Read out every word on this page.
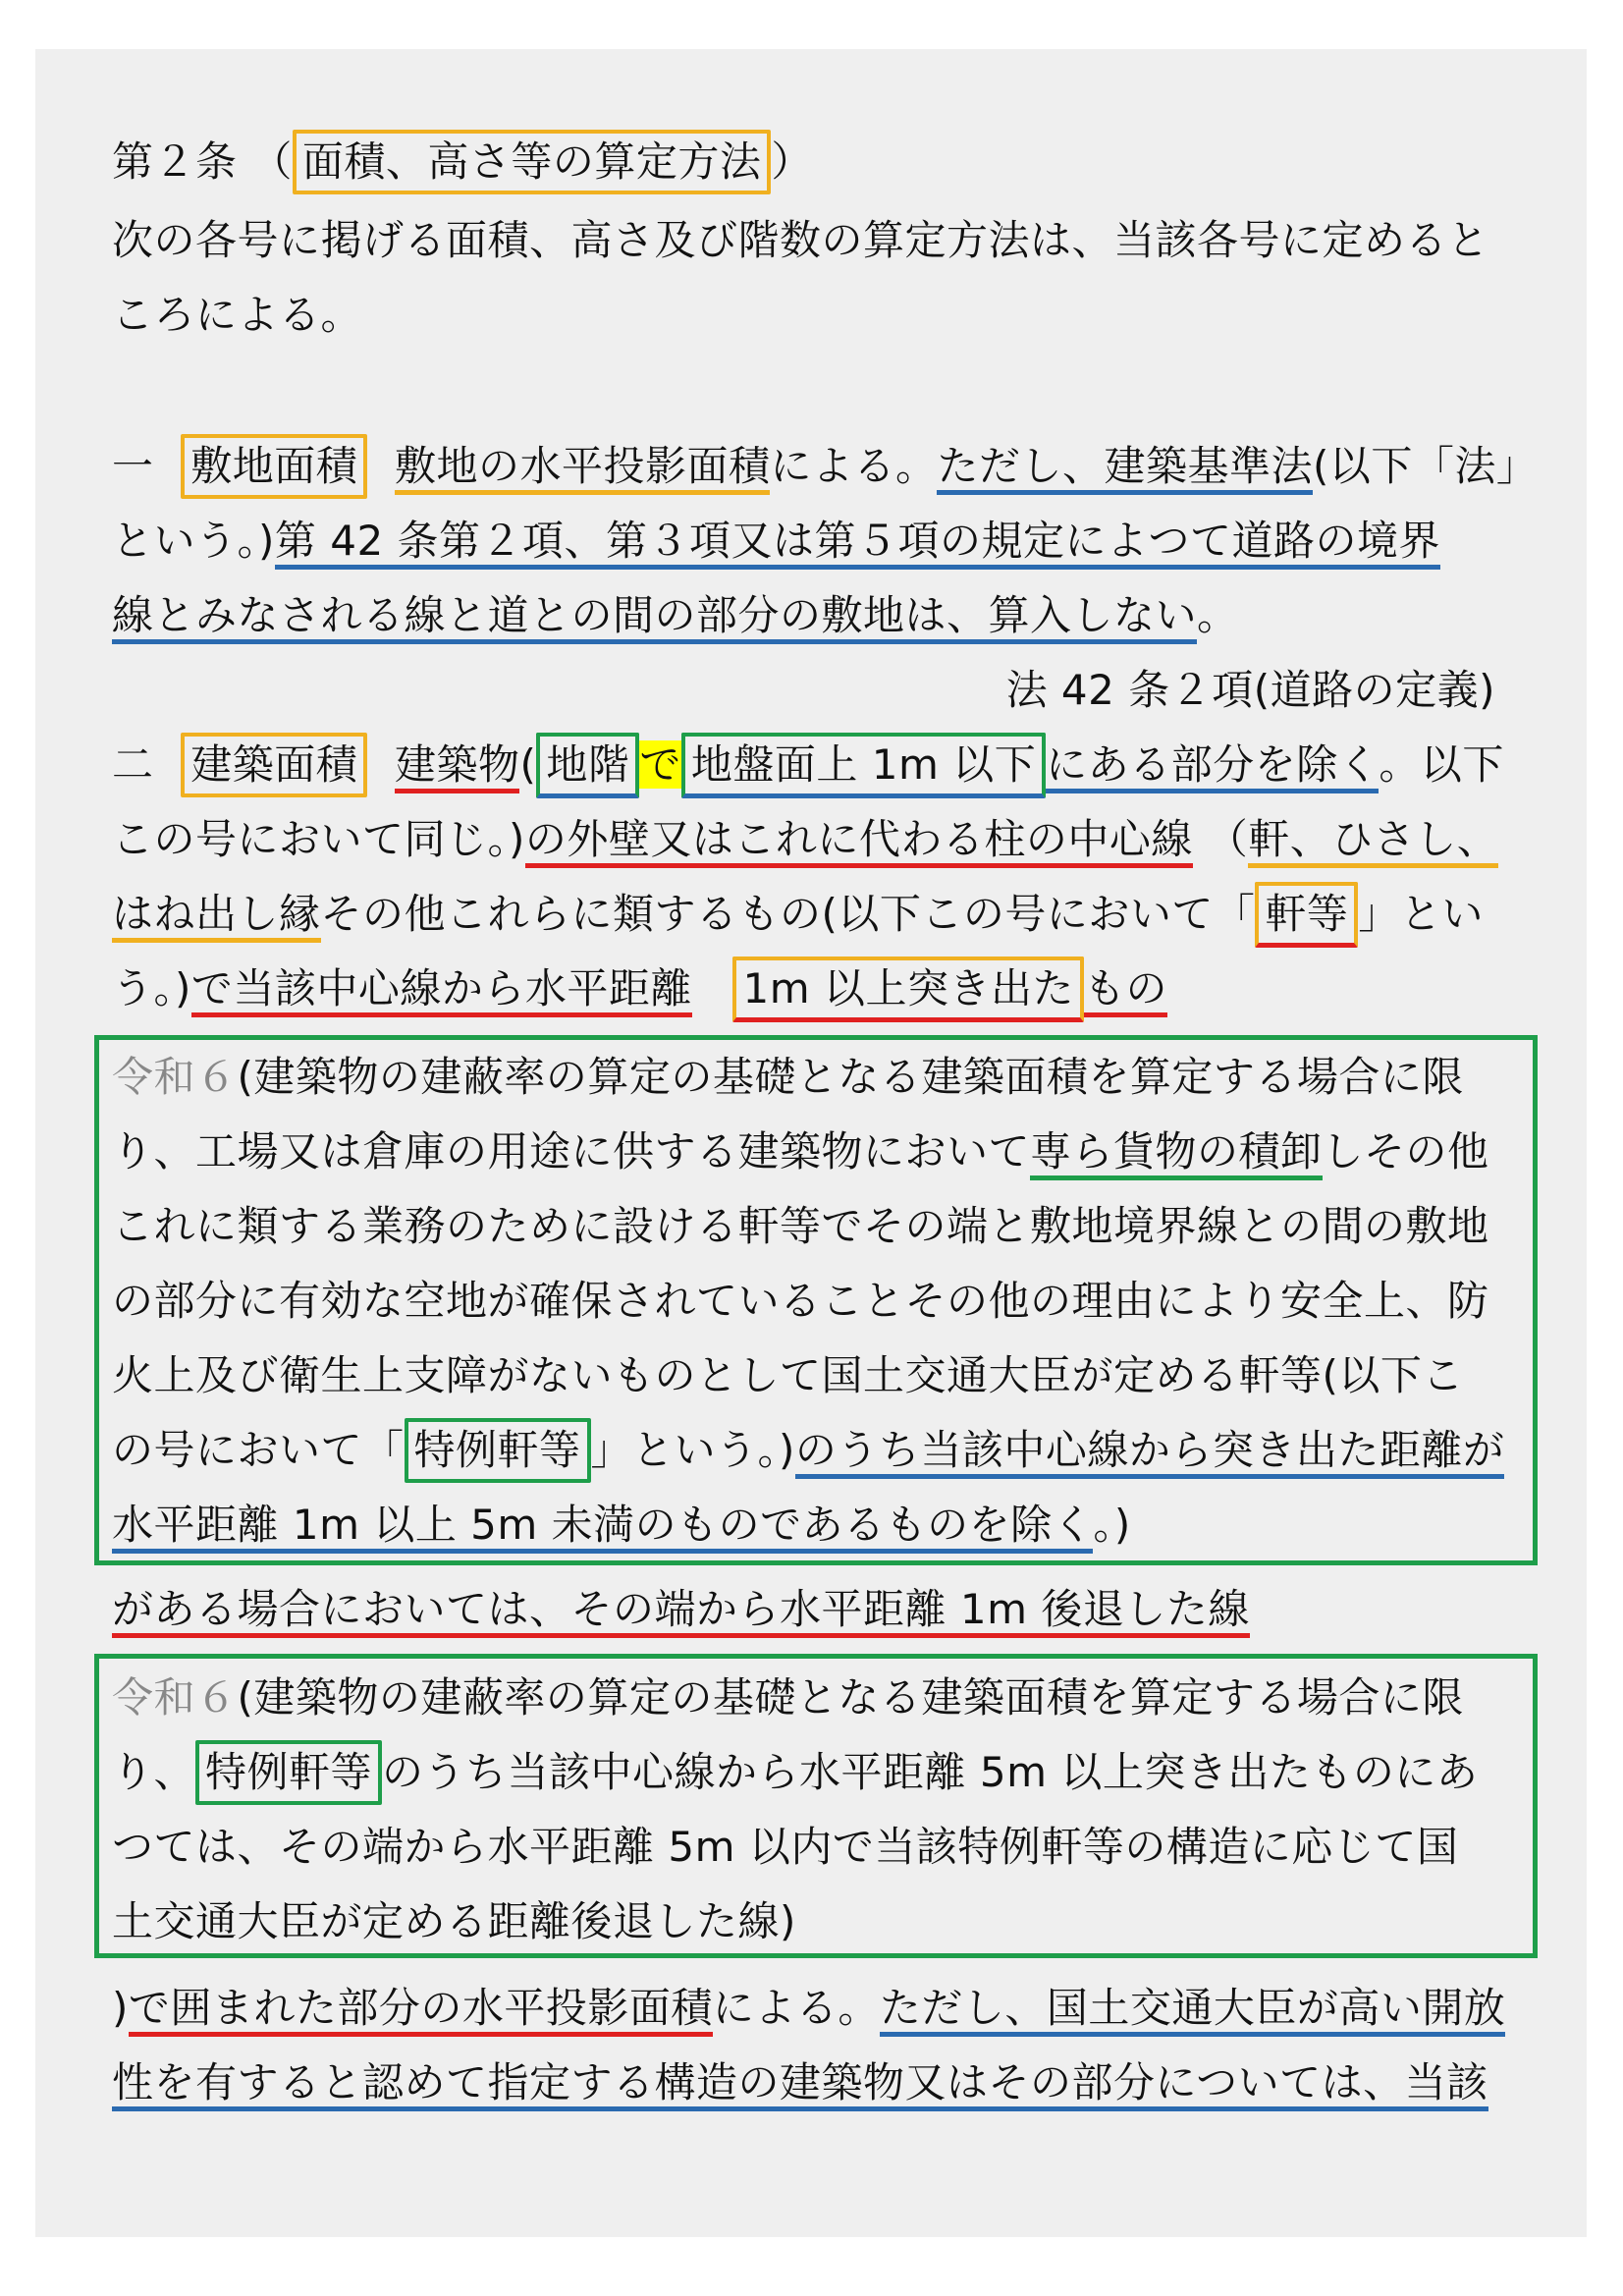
第２条 （ 面積、高さ等の算定方法 ）
次の各号に掲げる面積、高さ及び階数の算定方法は、当該各号に定めると
ころによる。
一 敷地面積 敷地の水平投影面積による。ただし、建築基準法(以下「法」
という。)第 42 条第２項、第３項又は第５項の規定によつて道路の境界
線とみなされる線と道との間の部分の敷地は、算入しない。
法 42 条２項(道路の定義)
二 建築面積 建築物( 地階 で 地盤面上 1m 以下 にある部分を除く。以下
この号において同じ。)の外壁又はこれに代わる柱の中心線 （軒、ひさし、
はね出し縁その他これらに類するもの(以下この号において「 軒等 」とい
う。)で当該中心線から水平距離 1m 以上突き出た もの
令和６(建築物の建蔽率の算定の基礎となる建築面積を算定する場合に限
り、工場又は倉庫の用途に供する建築物において専ら貨物の積卸しその他
これに類する業務のために設ける軒等でその端と敷地境界線との間の敷地
の部分に有効な空地が確保されていることその他の理由により安全上、防
火上及び衛生上支障がないものとして国土交通大臣が定める軒等(以下こ
の号において「 特例軒等 」という。)のうち当該中心線から突き出た距離が
水平距離 1m 以上 5m 未満のものであるものを除く。)
がある場合においては、その端から水平距離 1m 後退した線
令和６(建築物の建蔽率の算定の基礎となる建築面積を算定する場合に限
り、 特例軒等 のうち当該中心線から水平距離 5m 以上突き出たものにあ
つては、その端から水平距離 5m 以内で当該特例軒等の構造に応じて国
土交通大臣が定める距離後退した線)
)で囲まれた部分の水平投影面積による。ただし、国土交通大臣が高い開放
性を有すると認めて指定する構造の建築物又はその部分については、当該
